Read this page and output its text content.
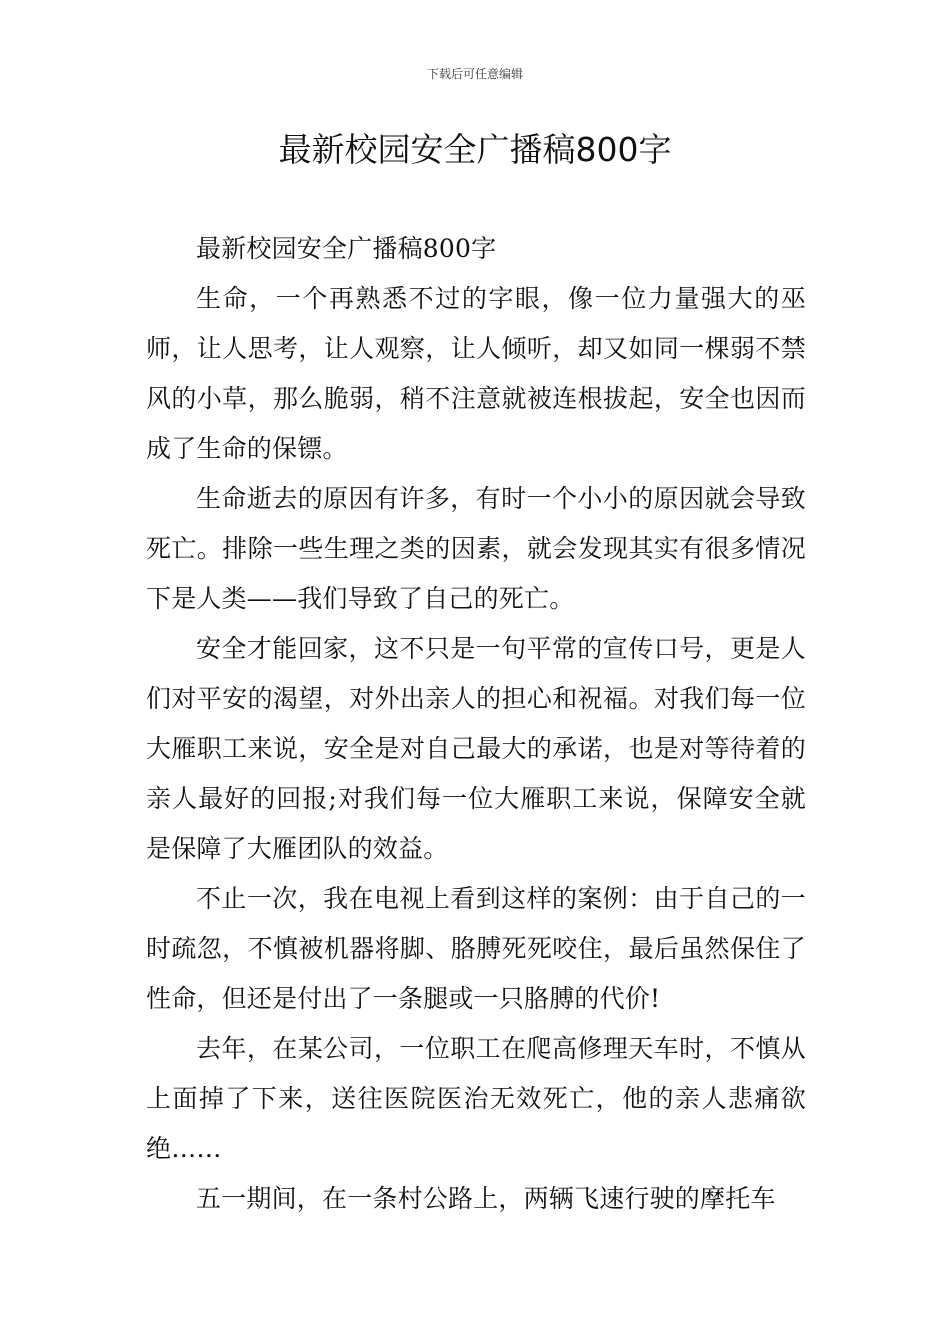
下载后可任意编辑
最新校园安全广播稿800字

最新校园安全广播稿800字

生命，一个再熟悉不过的字眼，像一位力量强大的巫师，让人思考，让人观察，让人倾听，却又如同一棵弱不禁风的小草，那么脆弱，稍不注意就被连根拔起，安全也因而成了生命的保镖。

生命逝去的原因有许多，有时一个小小的原因就会导致死亡。排除一些生理之类的因素，就会发现其实有很多情况下是人类——我们导致了自己的死亡。

安全才能回家，这不只是一句平常的宣传口号，更是人们对平安的渴望，对外出亲人的担心和祝福。对我们每一位大雁职工来说，安全是对自己最大的承诺，也是对等待着的亲人最好的回报;对我们每一位大雁职工来说，保障安全就是保障了大雁团队的效益。

不止一次，我在电视上看到这样的案例：由于自己的一时疏忽，不慎被机器将脚、胳膊死死咬住，最后虽然保住了性命，但还是付出了一条腿或一只胳膊的代价!

去年，在某公司，一位职工在爬高修理天车时，不慎从上面掉了下来，送往医院医治无效死亡，他的亲人悲痛欲绝……

五一期间，在一条村公路上，两辆飞速行驶的摩托车
